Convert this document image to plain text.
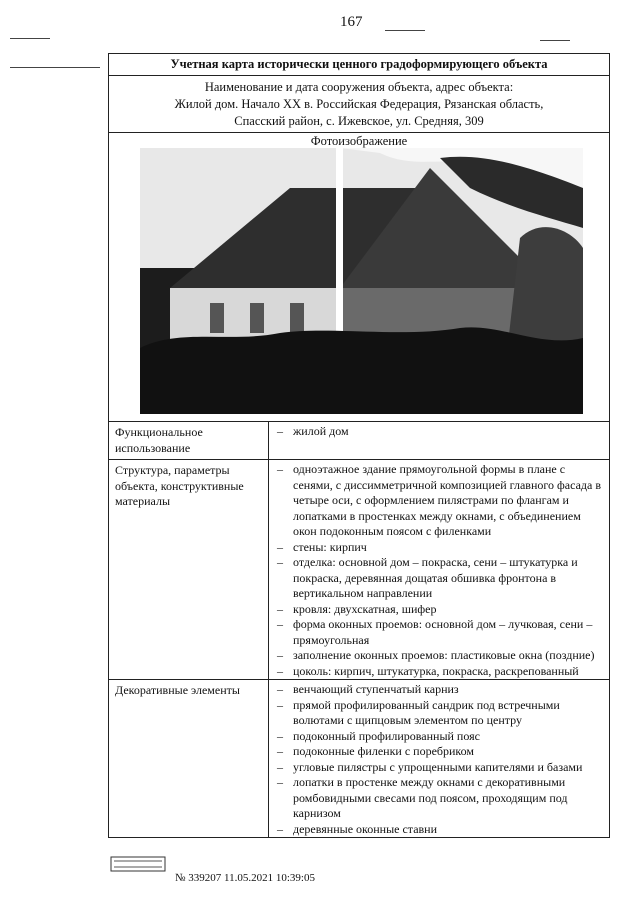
167
Учетная карта исторически ценного градоформирующего объекта
Наименование и дата сооружения объекта, адрес объекта:
Жилой дом. Начало XX в. Российская Федерация, Рязанская область,
Спасский район, с. Ижевское, ул. Средняя, 309
Фотоизображение
Функциональное использование
– жилой дом
Структура, параметры объекта, конструктивные материалы
– одноэтажное здание прямоугольной формы в плане с сенями, с диссимметричной композицией главного фасада в четыре оси, с оформлением пилястрами по флангам и лопатками в простенках между окнами, с объединением окон подоконным поясом с филенками
– стены: кирпич
– отделка: основной дом – покраска, сени – штукатурка и покраска, деревянная дощатая обшивка фронтона в вертикальном направлении
– кровля: двухскатная, шифер
– форма оконных проемов: основной дом – лучковая, сени – прямоугольная
– заполнение оконных проемов: пластиковые окна (поздние)
– цоколь: кирпич, штукатурка, покраска, раскрепованный
Декоративные элементы
–	венчающий ступенчатый карниз
– прямой профилированный сандрик под встречными волютами с щипцовым элементом по центру
– подоконный профилированный пояс
– подоконные филенки с поребриком
– угловые пилястры с упрощенными капителями и базами
– лопатки в простенке между окнами с декоративными ромбовидными свесами под поясом, проходящим под карнизом
– деревянные оконные ставни
№ 339207 11.05.2021 10:39:05
